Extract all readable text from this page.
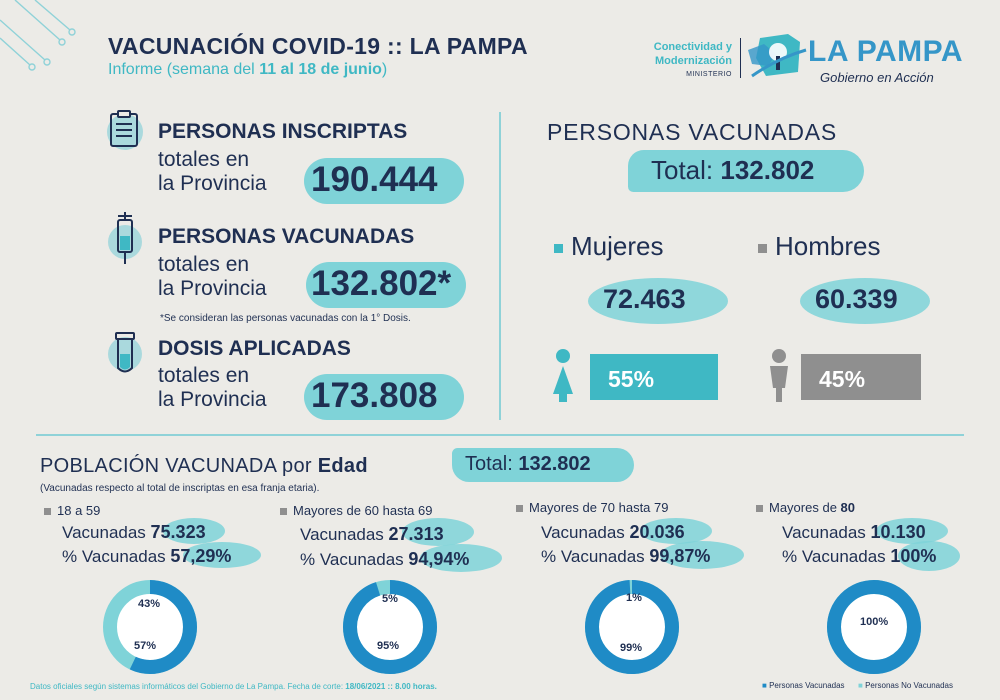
VACUNACIÓN COVID-19 :: LA PAMPA
Informe (semana del 11 al 18 de junio)
Conectividad y
Modernización
MINISTERIO
LA PAMPA
Gobierno en Acción
PERSONAS INSCRIPTAS
totales en
la Provincia 190.444
PERSONAS VACUNADAS
totales en
la Provincia 132.802*
*Se consideran las personas vacunadas con la 1° Dosis.
DOSIS APLICADAS
totales en
la Provincia 173.808
PERSONAS VACUNADAS
Total: 132.802
Mujeres	Hombres
72.463	60.339
55%	45%
POBLACIÓN VACUNADA por Edad	Total: 132.802
(Vacunadas respecto al total de inscriptas en esa franja etaria).
18 a 59
Vacunadas 75.323
% Vacunadas 57,29%
Mayores de 60 hasta 69
Vacunadas 27.313
% Vacunadas 94,94%
Mayores de 70 hasta 79
Vacunadas 20.036
% Vacunadas 99,87%
Mayores de 80
Vacunadas 10.130
% Vacunadas 100%
43%
57%
5%
95%
1%
99%
100%
Datos oficiales según sistemas informáticos del Gobierno de La Pampa. Fecha de corte: 18/06/2021 :: 8.00 horas.	■ Personas Vacunadas ■ Personas No Vacunadas
